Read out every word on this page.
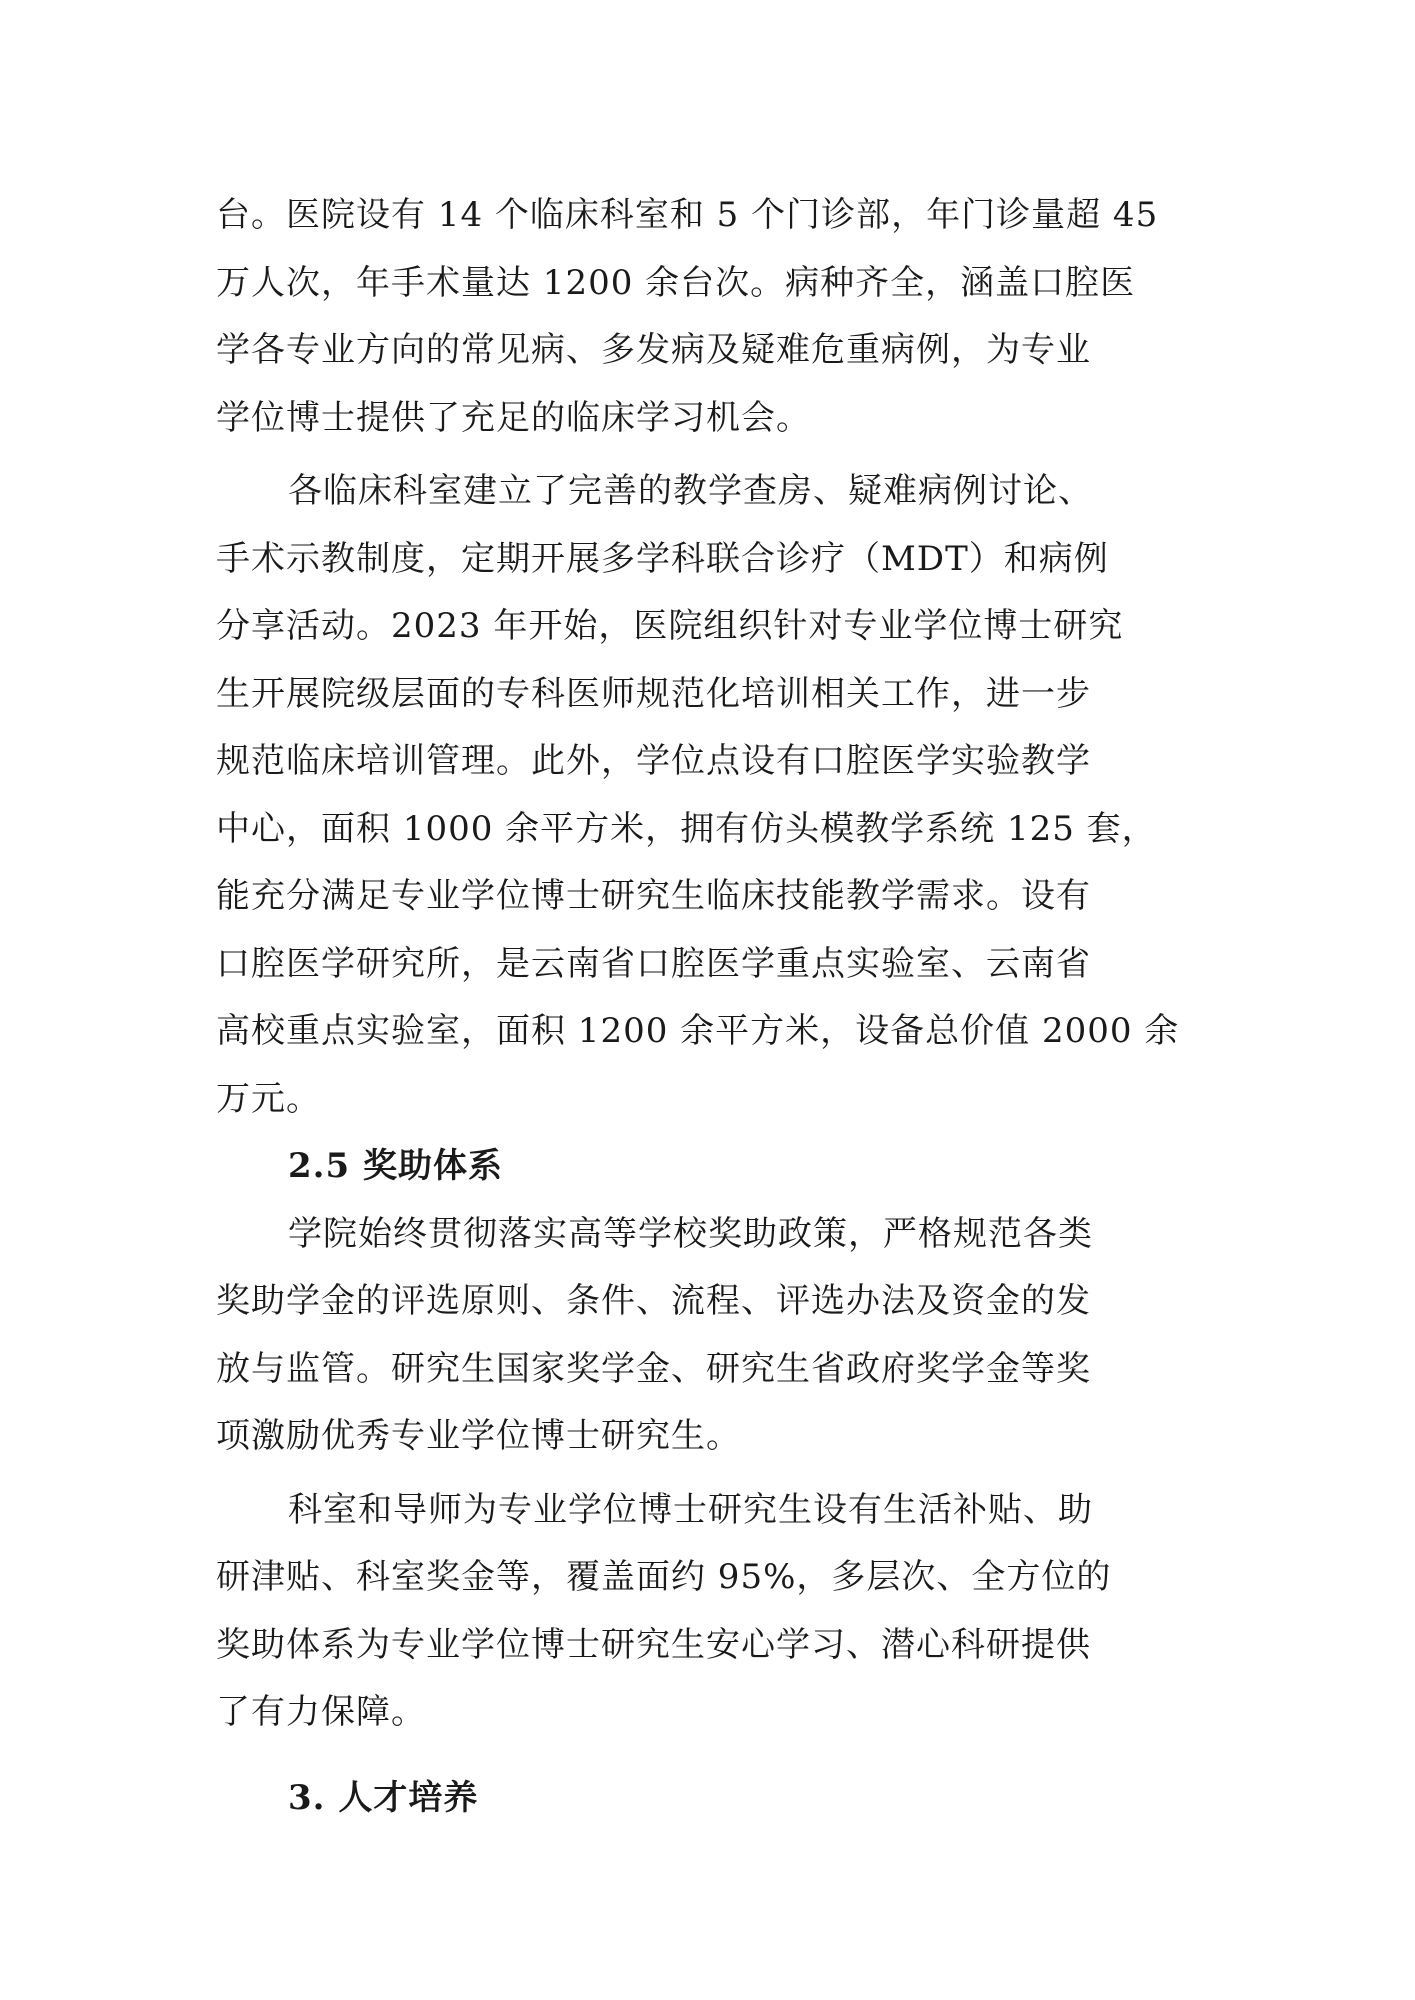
台。医院设有 14 个临床科室和 5 个门诊部，年门诊量超 45
万人次，年手术量达 1200 余台次。病种齐全，涵盖口腔医
学各专业方向的常见病、多发病及疑难危重病例，为专业
学位博士提供了充足的临床学习机会。

各临床科室建立了完善的教学查房、疑难病例讨论、
手术示教制度，定期开展多学科联合诊疗（MDT）和病例
分享活动。2023 年开始，医院组织针对专业学位博士研究
生开展院级层面的专科医师规范化培训相关工作，进一步
规范临床培训管理。此外，学位点设有口腔医学实验教学
中心，面积 1000 余平方米，拥有仿头模教学系统 125 套，
能充分满足专业学位博士研究生临床技能教学需求。设有
口腔医学研究所，是云南省口腔医学重点实验室、云南省
高校重点实验室，面积 1200 余平方米，设备总价值 2000 余
万元。

2.5 奖助体系

学院始终贯彻落实高等学校奖助政策，严格规范各类
奖助学金的评选原则、条件、流程、评选办法及资金的发
放与监管。研究生国家奖学金、研究生省政府奖学金等奖
项激励优秀专业学位博士研究生。

科室和导师为专业学位博士研究生设有生活补贴、助
研津贴、科室奖金等，覆盖面约 95%，多层次、全方位的
奖助体系为专业学位博士研究生安心学习、潜心科研提供
了有力保障。

3. 人才培养
